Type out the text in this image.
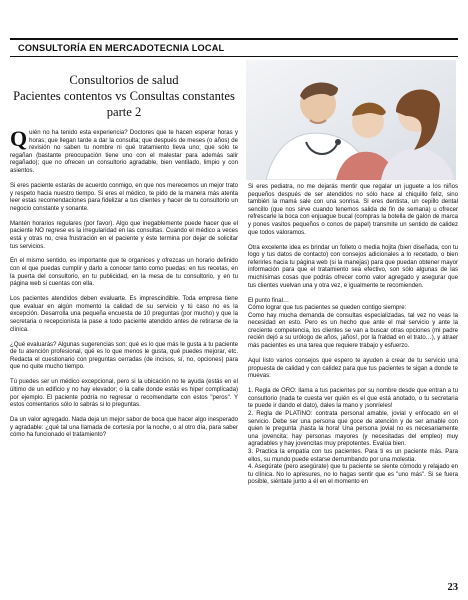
CONSULTORÍA EN MERCADOTECNIA LOCAL
Consultorios de salud
Pacientes contentos vs Consultas constantes
parte 2

Q uién no ha tenido esta experiencia? Doctores que te hacen esperar horas y horas; que llegan tarde a dar la consulta; que después de meses (o años) de revisión no saben tu nombre ni qué tratamiento lleva uno; que sólo te regañan (bastante preocupación tiene uno con el malestar para además salir regañado); que no ofrecen un consultorio agradable, bien ventilado, limpio y con asientos.

Si eres paciente estarás de acuerdo conmigo, en que nos merecemos un mejor trato y respeto hacia nuestro tiempo. Si eres el médico, te pido de la manera más atenta leer estas recomendaciones para fidelizar a tus clientes y hacer de tu consultorio un negocio constante y sonante.

Mantén horarios regulares (por favor). Algo que inegablemente puede hacer que el paciente NO regrese es la irregularidad en las consultas. Cuando el médico a veces está y otras no, crea frustración en el paciente y éste termina por dejar de solicitar tus servicios.

En el mismo sentido, es importante que te organices y ofrezcas un horario definido con el que puedas cumplir y darlo a conocer tanto como puedas: en tus recetas, en la puerta del consultorio, en tu publicidad, en la mesa de tu consultorio, y en tu página web si cuentas con ella.

Los pacientes atendidos deben evaluarte. Es imprescindible. Toda empresa tiene que evaluar en algún momento la calidad de su servicio y tú caso no es la excepción. Desarrolla una pequeña encuesta de 10 preguntas (por mucho) y que la secretaria o recepcionista la pase a todo paciente atendido antes de retirarse de la clínica.

¿Qué evaluarás? Algunas sugerencias son: qué es lo que más le gusta a tu paciente de tu atención profesional, qué es lo que menos le gusta, qué puedes mejorar, etc. Redacta el cuestionario con preguntas cerradas (de incisos, sí, no, opciones) para que no quite mucho tiempo.

Tú puedes ser un médico excepcional, pero si la ubicación no te ayuda (estás en el último de un edificio y no hay elevador; o la calle donde estás es hiper complicada) por ejemplo. El paciente podría no regresar o recomendarte con estos "peros". Y estos comentarios sólo lo sabrás si lo preguntas.

Da un valor agregado. Nada deja un mejor sabor de boca que hacer algo inesperado y agradable: ¿qué tal una llamada de cortesía por la noche, o al otro día, para saber cómo ha funcionado el tratamiento?

Si eres pediatra, no me dejarás mentir que regalar un juguete a los niños pequeños después de ser atendidos no sólo hace al chiquillo feliz, sino también la mamá sale con una sonrisa. Si eres dentista, un cepillo dental sencillo (que nos sirve cuando tenemos salida de fin de semana) u ofrecer refrescarle la boca con enjuague bucal (compras la botella de galón de marca y pones vasitos pequeños o conos de papel) transmite un sentido de calidez que todos valoramos.

Otra excelente idea es brindar un folleto o media hojita (bien diseñada, con tu logo y tus datos de contacto) con consejos adicionales a lo recetado, o bien referirles hacia tu página web (si la manejas) para que puedan obtener mayor información para que el tratamiento sea efectivo, son sólo algunas de las muchísimas cosas que podrás ofrecer como valor agregado y asegurar que tus clientes vuelvan una y otra vez, e igualmente te recomienden.

El punto final…
Cómo lograr que tus pacientes se queden contigo siempre:
Como hay mucha demanda de consultas especializadas, tal vez no veas la necesidad en esto. Pero es un hecho que ante el mal servicio y ante la creciente competencia, los clientes se van a buscar otras opciones (mi padre recién dejó a su urólogo de años, ¡años!, por la fraldad en el trato…), y atraer más pacientes es una tarea que requiere trabajo y esfuerzo.

Aquí listo varios consejos que espero te ayuden a crear de tu servicio una propuesta de calidad y con calidez para que tus pacientes te sigan a donde te muevas:

1. Regla de ORO: llama a tus pacientes por su nombre desde que entran a tu consultorio (nada te cuesta ver quién es el que está anotado, o tu secretaria te puede ir dando el dato), dales la mano y ¡sonríeles!
2. Regla de PLATINO: contrata personal amable, jovial y enfocado en el servicio. Debe ser una persona que goce de atención y de ser amable con quien le pregunta ¡hasta la hora! Una persona jovial no es necesariamente una jovencita; hay personas mayores (y necesitadas del empleo) muy agradables y hay jovencitas muy prepotentes. Evalúa bien.
3. Practica la empatía con tus pacientes. Para ti es un paciente más. Para ellos, su mundo puede estarse derrumbando por una molestia.
4. Asegúrate (pero asegúrate) que tu paciente se siente cómodo y relajado en tu clínica. No lo apresures, no lo hagas sentir que es "uno más". Si se fuera posible, siéntate junto a él en el momento en

23
